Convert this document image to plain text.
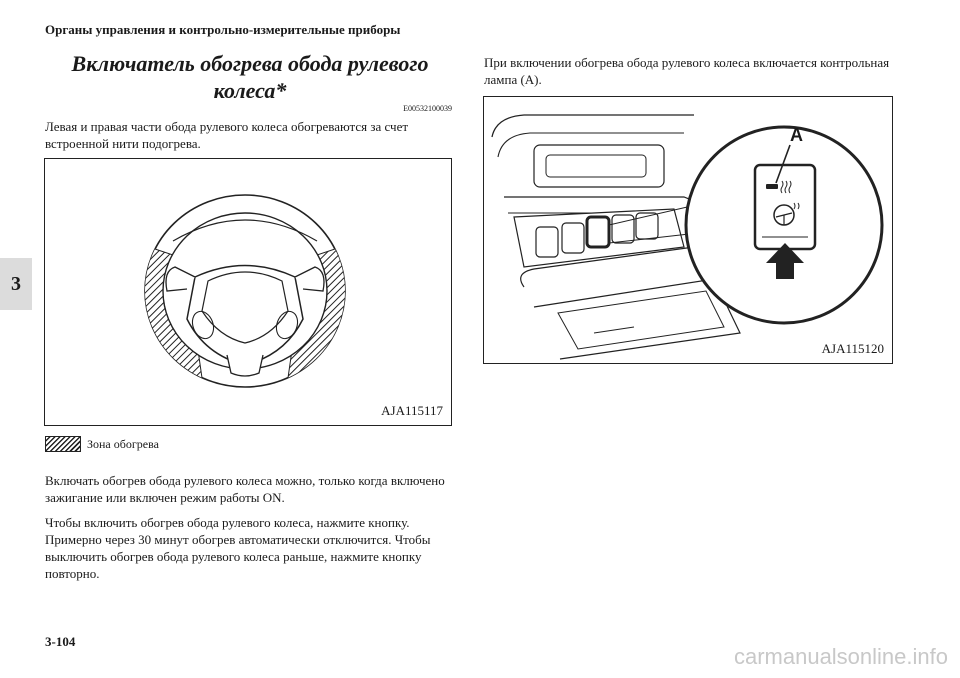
Органы управления и контрольно-измерительные приборы
3
Включатель обогрева обода рулевого
колеса*
E00532100039
Левая и правая части обода рулевого колеса обогреваются за счет встроенной нити подогрева.
AJA115117
Зона обогрева
Включать обогрев обода рулевого колеса можно, только когда включено зажигание или включен режим работы ON.
Чтобы включить обогрев обода рулевого колеса, нажмите кнопку. Примерно через 30 минут обогрев автоматически отключится. Чтобы выключить обогрев обода рулевого колеса раньше, нажмите кнопку повторно.
При включении обогрева обода рулевого колеса включается контрольная лампа (A).
A
AJA115120
3-104
carmanualsonline.info
